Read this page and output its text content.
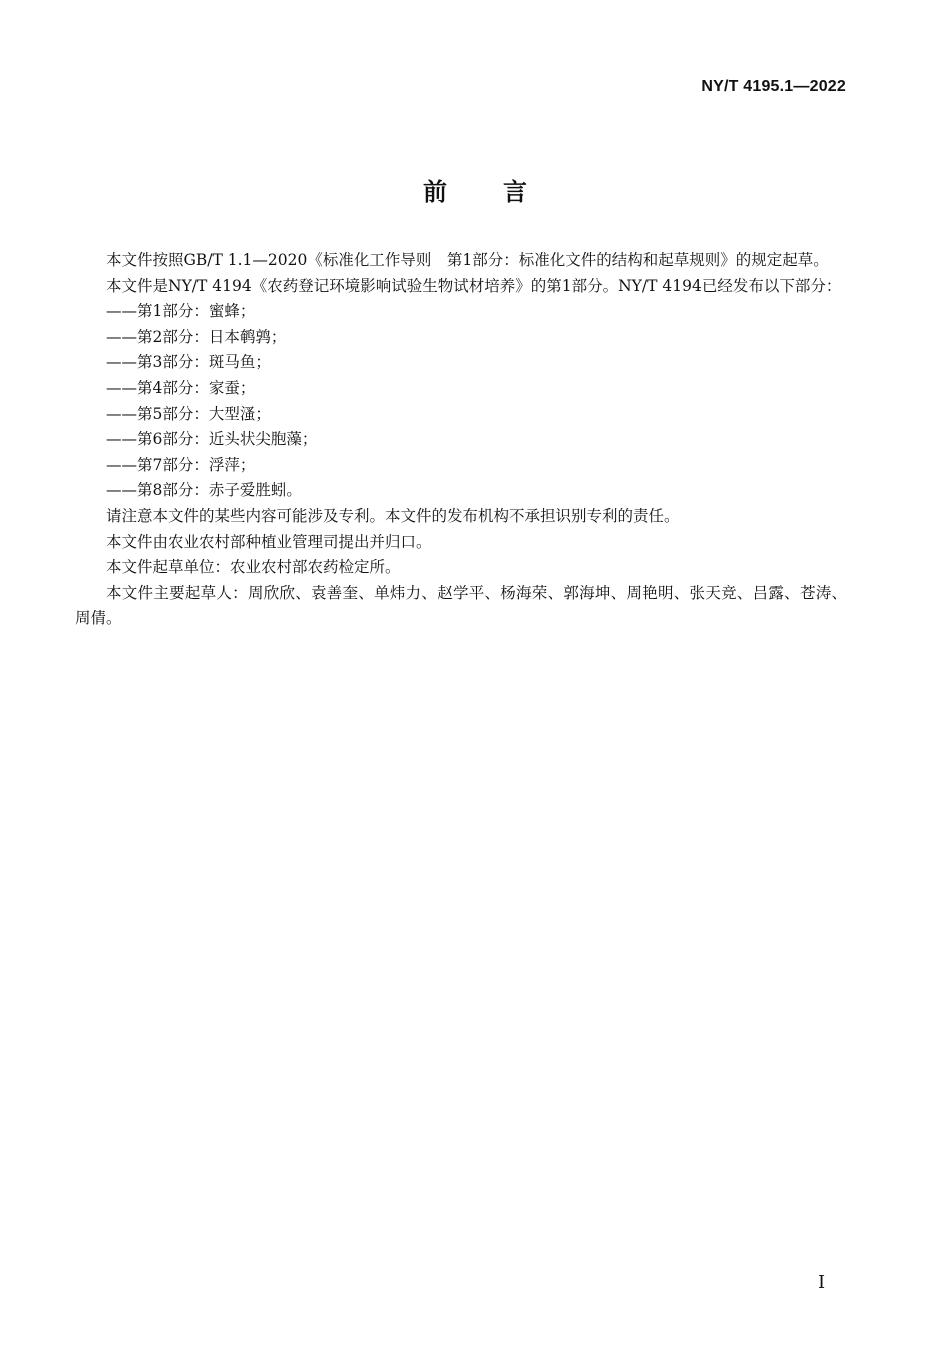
NY/T 4195.1—2022
前 言

本文件按照GB/T 1.1—2020《标准化工作导则　第1部分：标准化文件的结构和起草规则》的规定起草。

本文件是NY/T 4194《农药登记环境影响试验生物试材培养》的第1部分。NY/T 4194已经发布以下部分：

——第1部分：蜜蜂；

——第2部分：日本鹌鹑；

——第3部分：斑马鱼；

——第4部分：家蚕；

——第5部分：大型溞；

——第6部分：近头状尖胞藻；

——第7部分：浮萍；

——第8部分：赤子爱胜蚓。

请注意本文件的某些内容可能涉及专利。本文件的发布机构不承担识别专利的责任。

本文件由农业农村部种植业管理司提出并归口。

本文件起草单位：农业农村部农药检定所。

本文件主要起草人：周欣欣、袁善奎、单炜力、赵学平、杨海荣、郭海坤、周艳明、张天竞、吕露、苍涛、周倩。

I
